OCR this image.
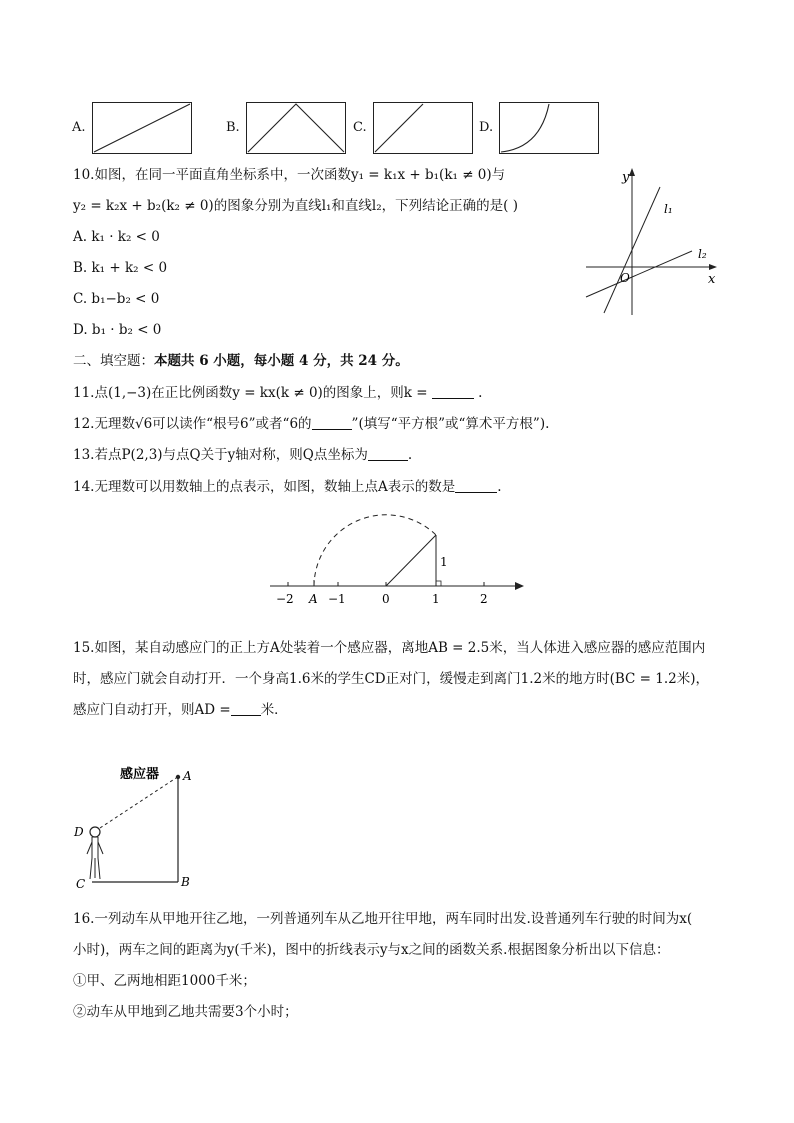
A.	B.	C.	D.
10.如图，在同一平面直角坐标系中，一次函数y₁ = k₁x + b₁(k₁ ≠ 0)与
y₂ = k₂x + b₂(k₂ ≠ 0)的图象分别为直线l₁和直线l₂，下列结论正确的是( )
A. k₁ · k₂ < 0
B. k₁ + k₂ < 0
C. b₁−b₂ < 0
D. b₁ · b₂ < 0
y
x
O
l₁
l₂
二、填空题：本题共 6 小题，每小题 4 分，共 24 分。
11.点(1,−3)在正比例函数y = kx(k ≠ 0)的图象上，则k =	.
12.无理数√6可以读作“根号6”或者“6的	”(填写“平方根”或“算术平方根”).
13.若点P(2,3)与点Q关于y轴对称，则Q点坐标为	.
14.无理数可以用数轴上的点表示，如图，数轴上点A表示的数是	.
1
−2 A −1	0	1	2
15.如图，某自动感应门的正上方A处装着一个感应器，离地AB = 2.5米，当人体进入感应器的感应范围内
时，感应门就会自动打开．一个身高1.6米的学生CD正对门，缓慢走到离门1.2米的地方时(BC = 1.2米)，
感应门自动打开，则AD = 米．
感应器 A
D
C	B
16.一列动车从甲地开往乙地，一列普通列车从乙地开往甲地，两车同时出发.设普通列车行驶的时间为x(
小时)，两车之间的距离为y(千米)，图中的折线表示y与x之间的函数关系.根据图象分析出以下信息：
①甲、乙两地相距1000千米；
②动车从甲地到乙地共需要3个小时；
